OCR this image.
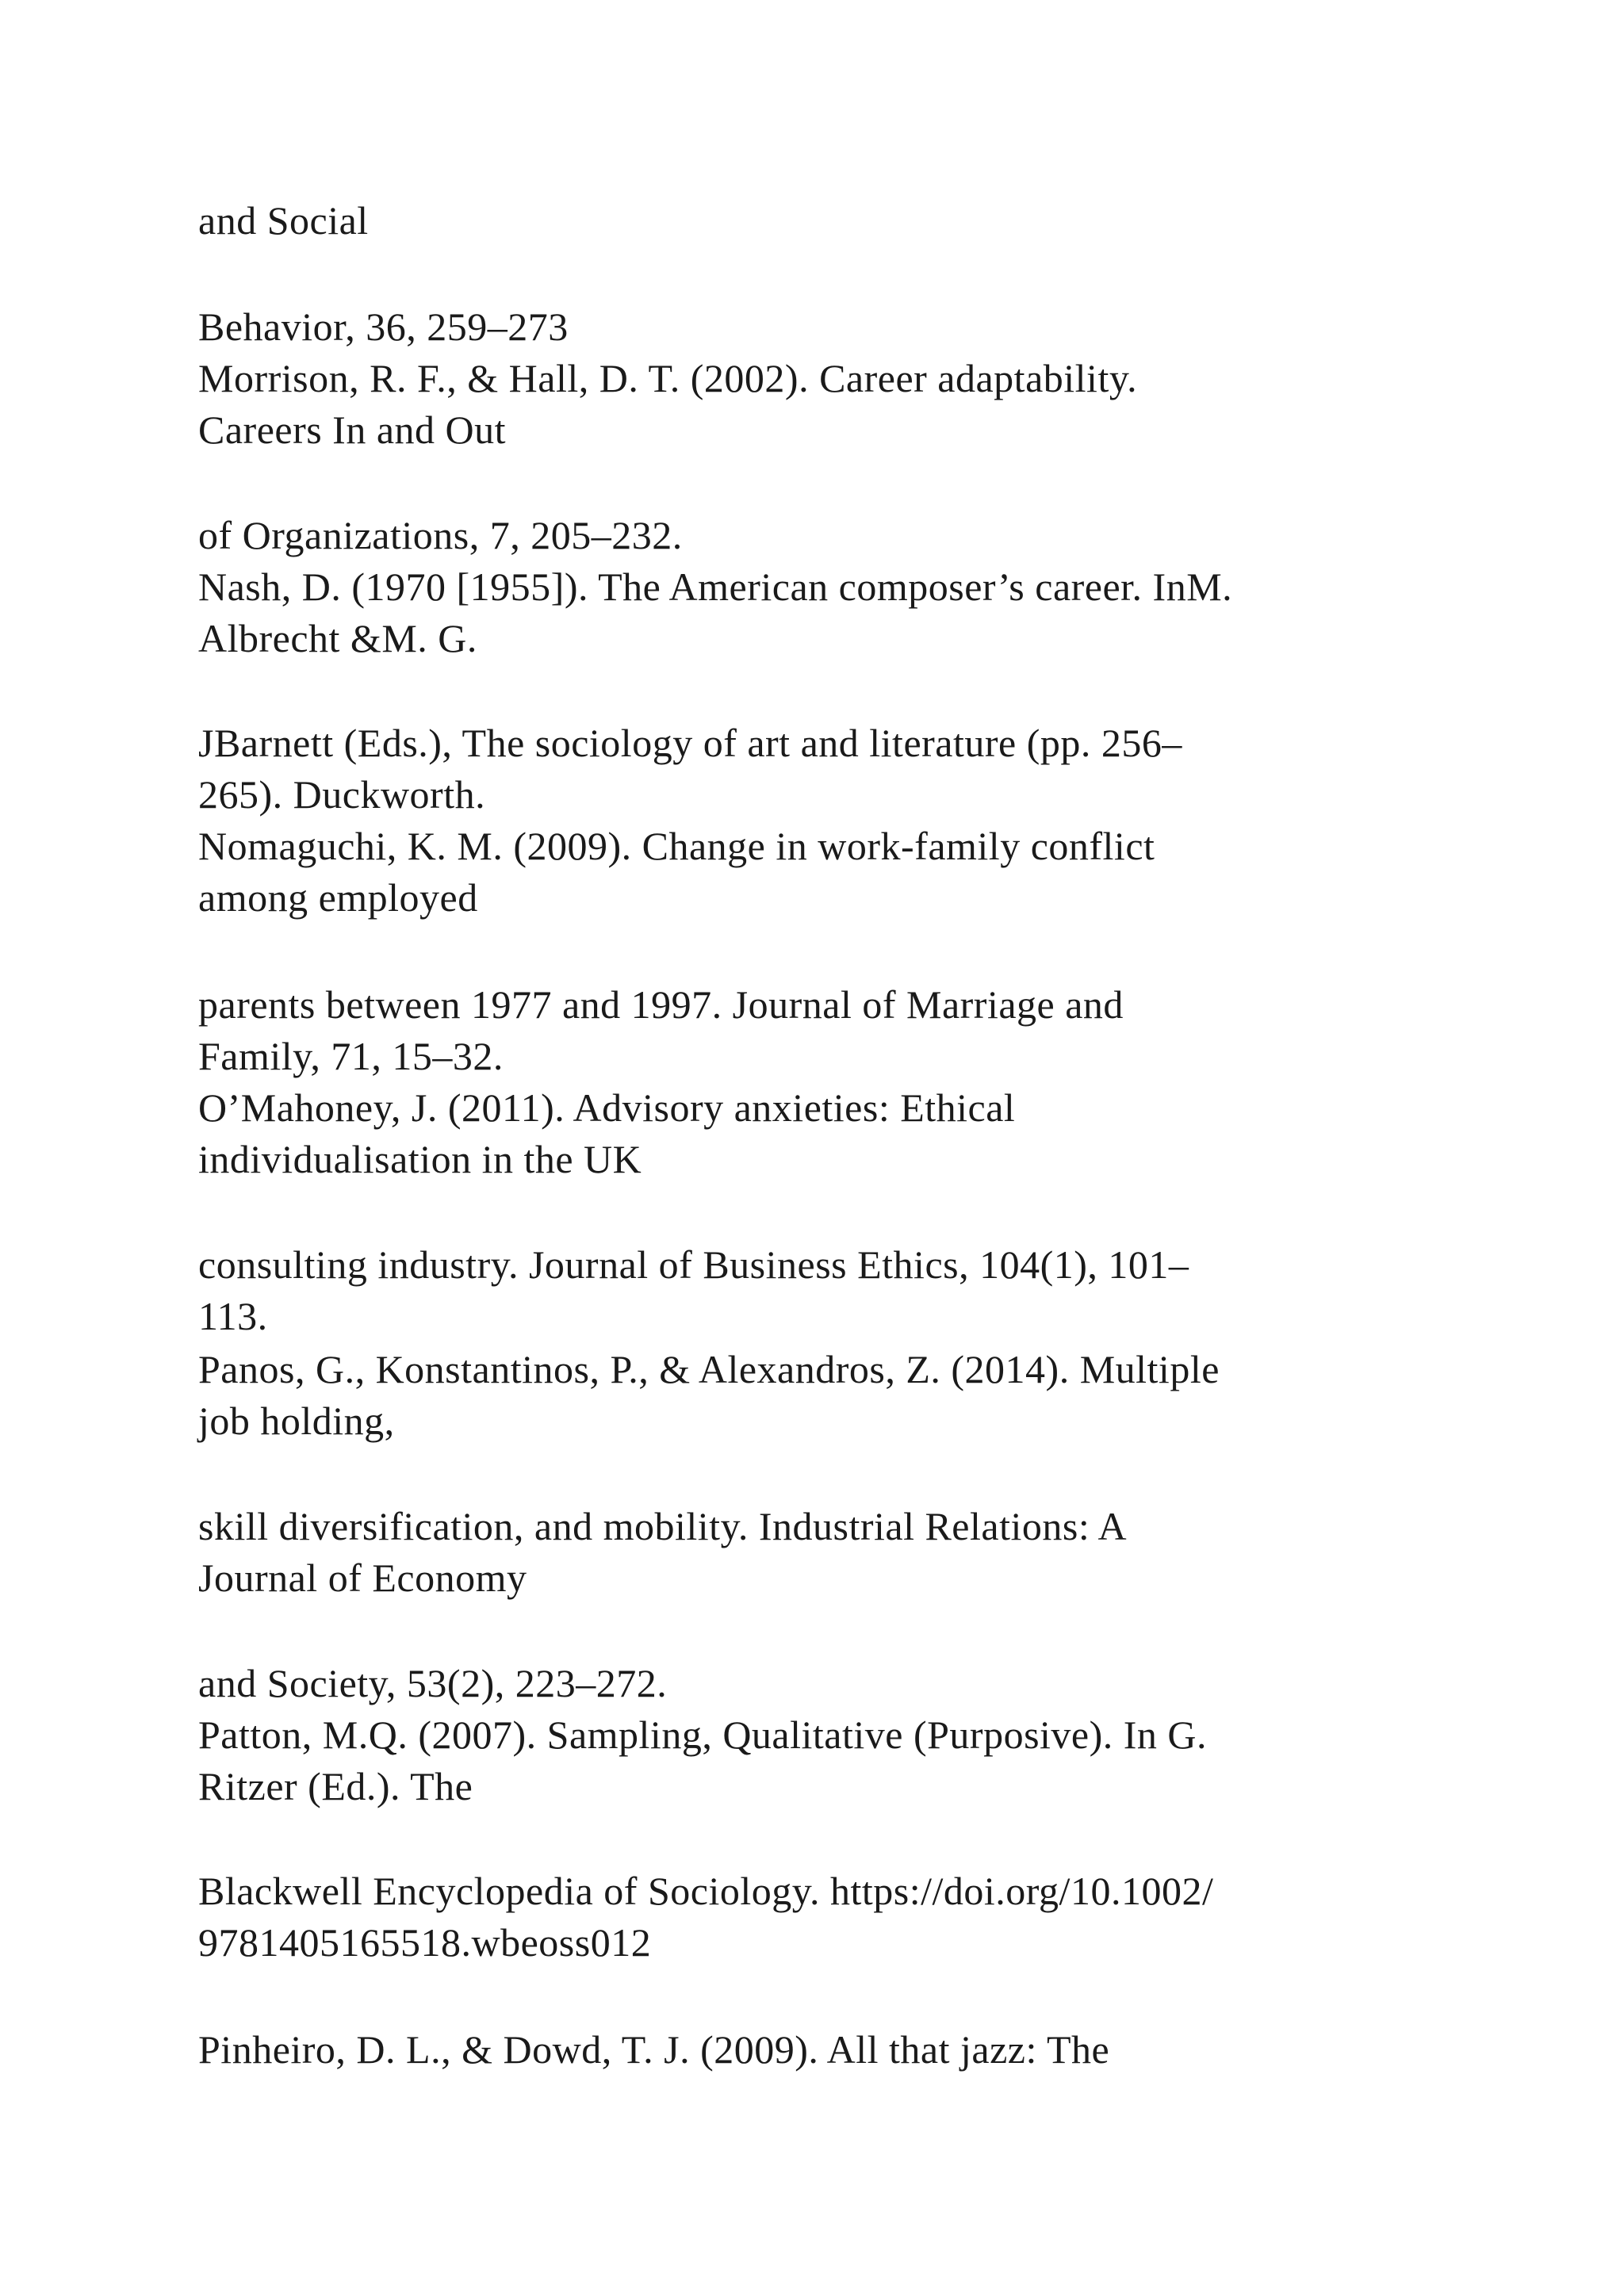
and Social

Behavior, 36, 259–273

Morrison, R. F., & Hall, D. T. (2002). Career adaptability.

Careers In and Out

of Organizations, 7, 205–232.

Nash, D. (1970 [1955]). The American composer’s career. InM.

Albrecht &M. G.

JBarnett (Eds.), The sociology of art and literature (pp. 256–

265). Duckworth.

Nomaguchi, K. M. (2009). Change in work-family conflict

among employed

parents between 1977 and 1997. Journal of Marriage and

Family, 71, 15–32.

O’Mahoney, J. (2011). Advisory anxieties: Ethical

individualisation in the UK

consulting industry. Journal of Business Ethics, 104(1), 101–

113.

Panos, G., Konstantinos, P., & Alexandros, Z. (2014). Multiple

job holding,

skill diversification, and mobility. Industrial Relations: A

Journal of Economy

and Society, 53(2), 223–272.

Patton, M.Q. (2007). Sampling, Qualitative (Purposive). In G.

Ritzer (Ed.). The

Blackwell Encyclopedia of Sociology. https://doi.org/10.1002/

9781405165518.wbeoss012

Pinheiro, D. L., & Dowd, T. J. (2009). All that jazz: The
